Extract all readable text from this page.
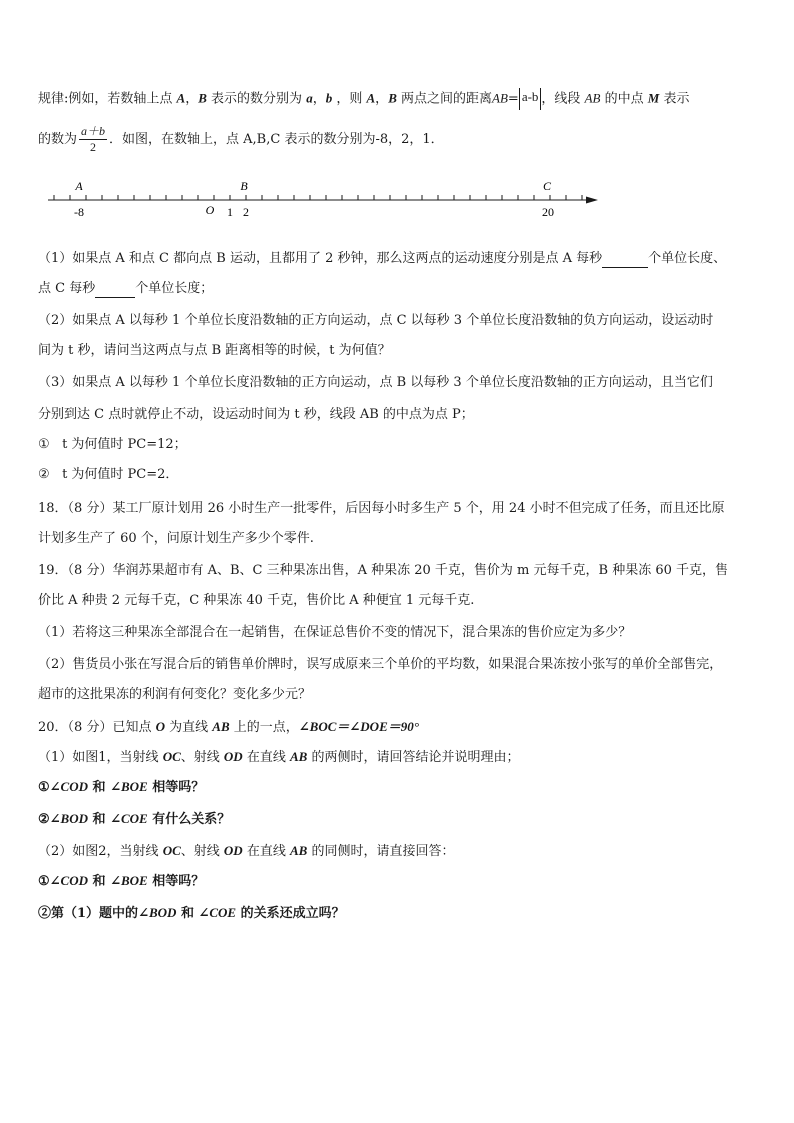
规律:例如，若数轴上点 A，B 表示的数分别为 a，b ，则 A，B 两点之间的距离AB= a-b ，线段 AB 的中点 M 表示
的数为 $\frac{a+b}{2}$ ．如图，在数轴上，点 A,B,C 表示的数分别为-8，2，1．
A	B	C
O
-8	1 2	20
（1）如果点 A 和点 C 都向点 B 运动，且都用了 2 秒钟，那么这两点的运动速度分别是点 A 每秒	个单位长度、
点 C 每秒	个单位长度；
（2）如果点 A 以每秒 1 个单位长度沿数轴的正方向运动，点 C 以每秒 3 个单位长度沿数轴的负方向运动，设运动时
间为 t 秒，请问当这两点与点 B 距离相等的时候，t 为何值？
（3）如果点 A 以每秒 1 个单位长度沿数轴的正方向运动，点 B 以每秒 3 个单位长度沿数轴的正方向运动，且当它们
分别到达 C 点时就停止不动，设运动时间为 t 秒，线段 AB 的中点为点 P；
① t 为何值时 PC=12；
② t 为何值时 PC=2．
18．（8 分）某工厂原计划用 26 小时生产一批零件，后因每小时多生产 5 个，用 24 小时不但完成了任务，而且还比原
计划多生产了 60 个，问原计划生产多少个零件.
19．（8 分）华润苏果超市有 A、B、C 三种果冻出售，A 种果冻 20 千克，售价为 m 元每千克，B 种果冻 60 千克，售
价比 A 种贵 2 元每千克，C 种果冻 40 千克，售价比 A 种便宜 1 元每千克.
（1）若将这三种果冻全部混合在一起销售，在保证总售价不变的情况下，混合果冻的售价应定为多少？
（2）售货员小张在写混合后的销售单价牌时，误写成原来三个单价的平均数，如果混合果冻按小张写的单价全部售完，
超市的这批果冻的利润有何变化？变化多少元？
20．（8 分）已知点 O 为直线 AB 上的一点，∠BOC＝∠DOE＝90°
（1）如图1，当射线 OC、射线 OD 在直线 AB 的两侧时，请回答结论并说明理由；
①∠COD 和 ∠BOE 相等吗？
②∠BOD 和 ∠COE 有什么关系？
（2）如图2，当射线 OC、射线 OD 在直线 AB 的同侧时，请直接回答：
①∠COD 和 ∠BOE 相等吗？
②第（1）题中的∠BOD 和 ∠COE 的关系还成立吗？
